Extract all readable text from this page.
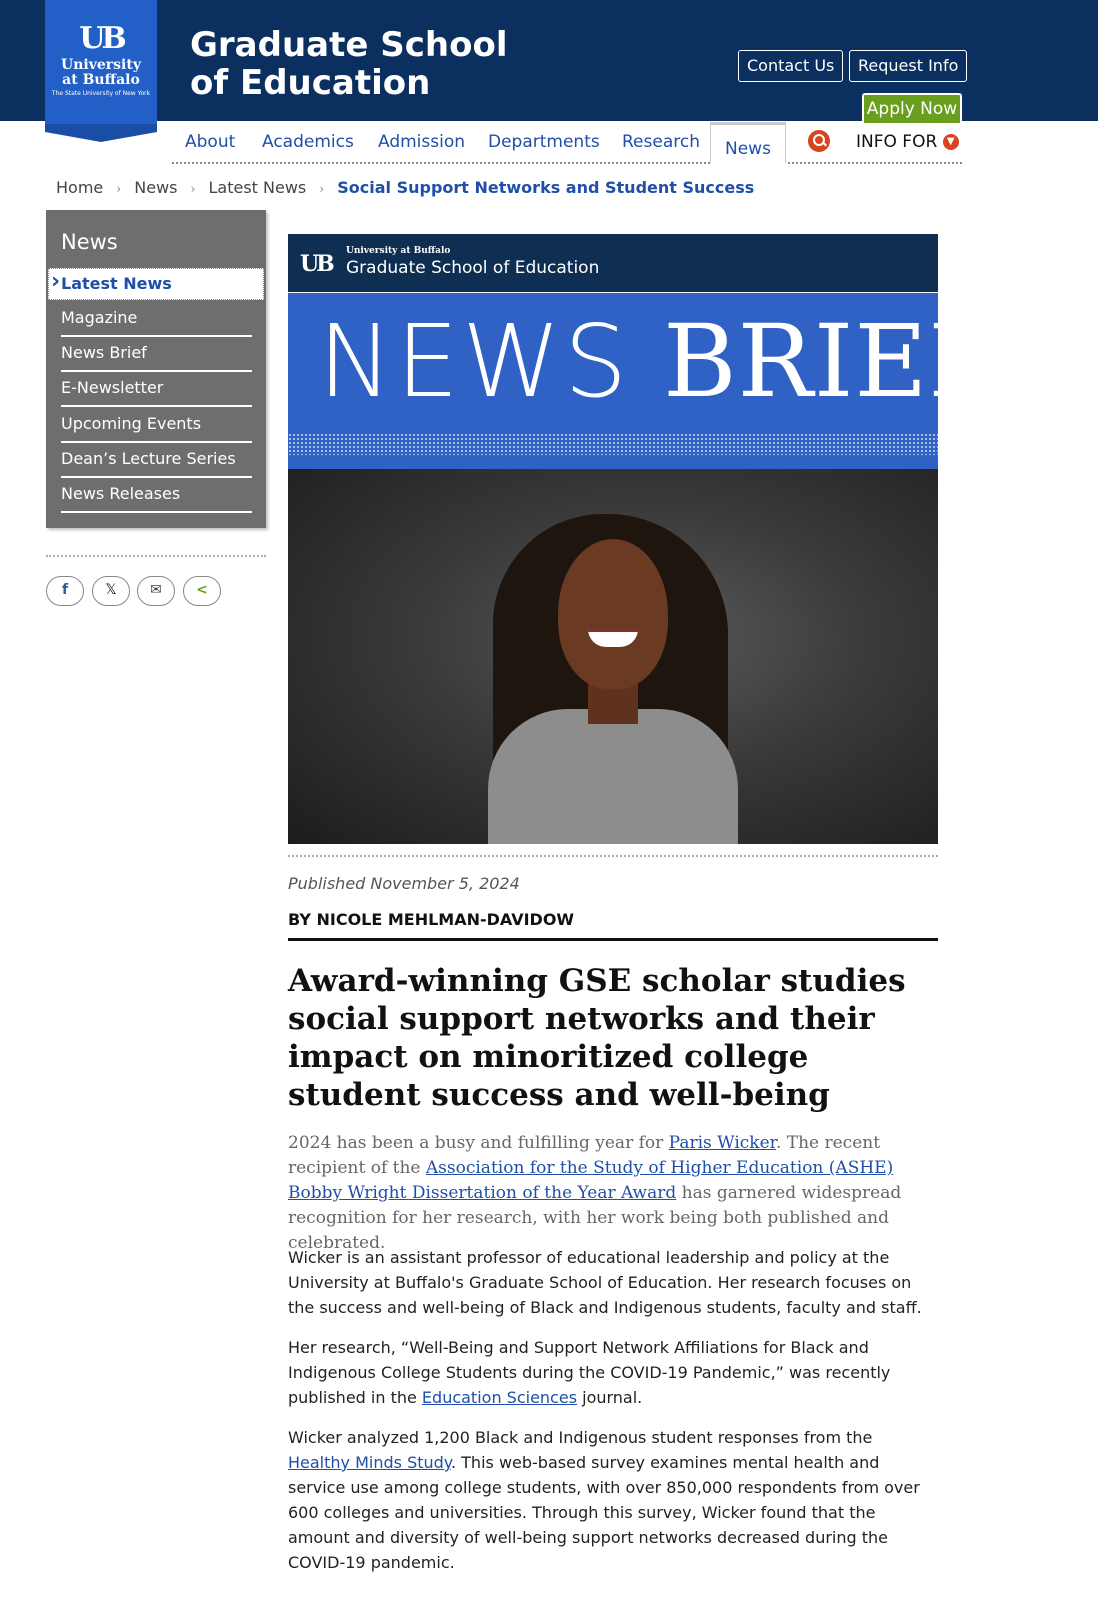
UB
University
at Buffalo
The State University of New York
Graduate School of Education	Contact Us	Request Info
Apply Now
About Academics Admission Departments Research	News	INFO FOR ▼
Home › News › Latest News › Social Support Networks and Student Success
News
› Latest News
Magazine
News Brief
E-Newsletter
Upcoming Events
Dean’s Lecture Series
News Releases
f	𝕏	✉	<
UB University at Buffalo
Graduate School of Education
NEWS BRIEF
Published November 5, 2024
BY NICOLE MEHLMAN-DAVIDOW
Award-winning GSE scholar studies social support networks and their impact on minoritized college student success and well-being

2024 has been a busy and fulfilling year for Paris Wicker. The recent recipient of the Association for the Study of Higher Education (ASHE) Bobby Wright Dissertation of the Year Award has garnered widespread recognition for her research, with her work being both published and celebrated.

Wicker is an assistant professor of educational leadership and policy at the University at Buffalo's Graduate School of Education. Her research focuses on the success and well-being of Black and Indigenous students, faculty and staff.

Her research, “Well-Being and Support Network Affiliations for Black and Indigenous College Students during the COVID-19 Pandemic,” was recently published in the Education Sciences journal.

Wicker analyzed 1,200 Black and Indigenous student responses from the Healthy Minds Study. This web-based survey examines mental health and service use among college students, with over 850,000 respondents from over 600 colleges and universities. Through this survey, Wicker found that the amount and diversity of well-being support networks decreased during the COVID-19 pandemic.
